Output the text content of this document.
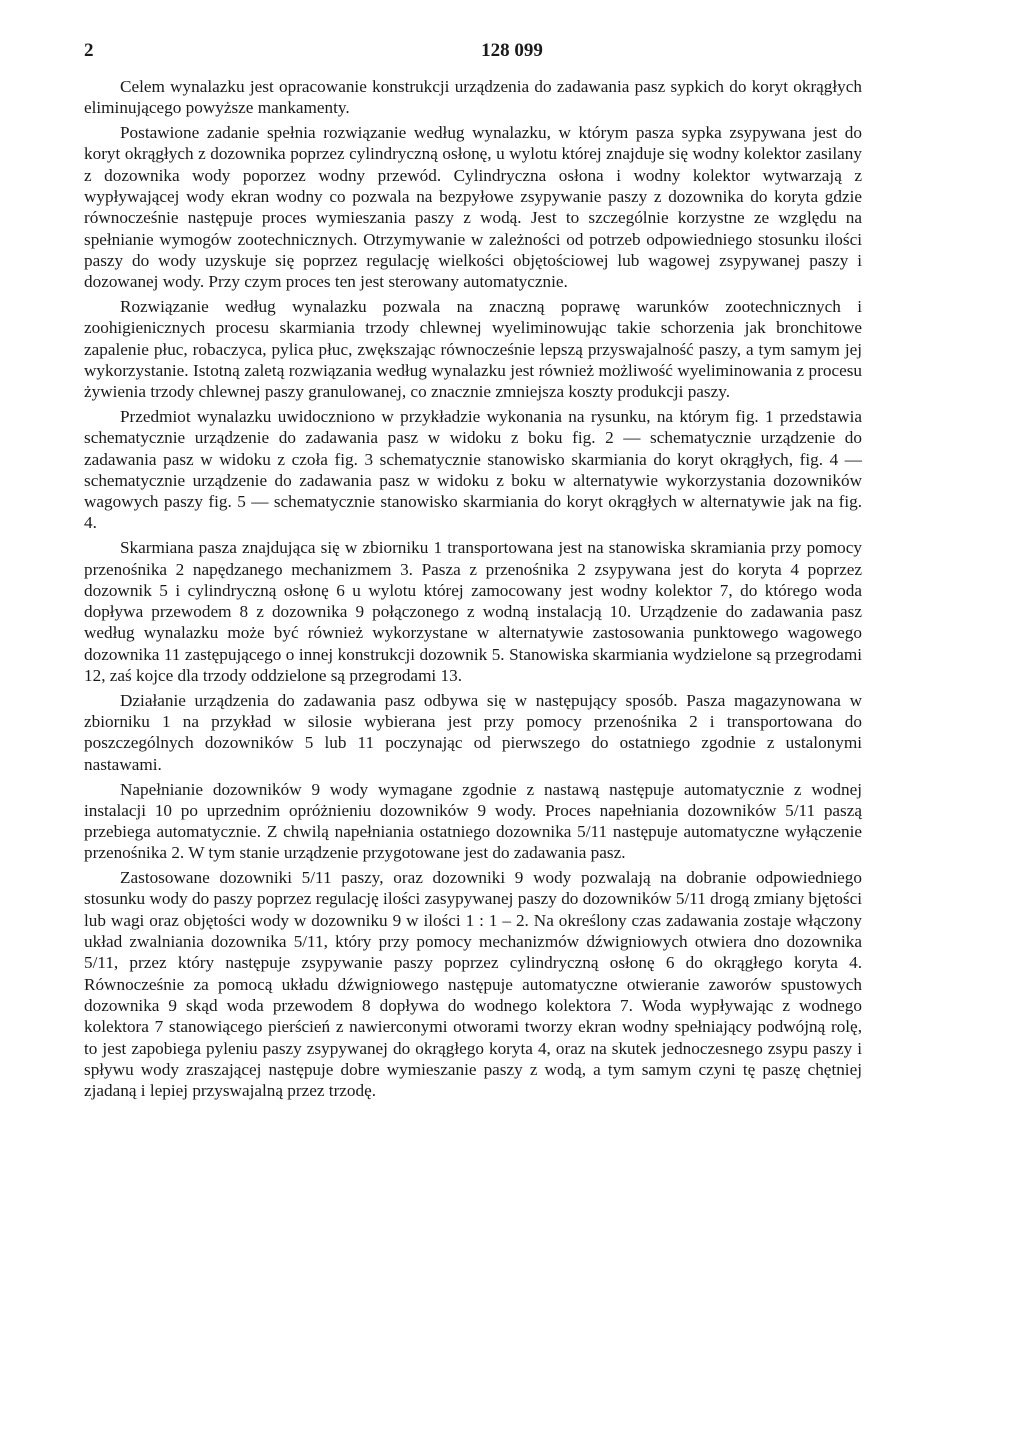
2	128 099

Celem wynalazku jest opracowanie konstrukcji urządzenia do zadawania pasz sypkich do koryt okrągłych eliminującego powyższe mankamenty.

Postawione zadanie spełnia rozwiązanie według wynalazku, w którym pasza sypka zsypywana jest do koryt okrągłych z dozownika poprzez cylindryczną osłonę, u wylotu której znajduje się wodny kolektor zasilany z dozownika wody poporzez wodny przewód. Cylindryczna osłona i wodny kolektor wytwarzają z wypływającej wody ekran wodny co pozwala na bezpyłowe zsypywanie paszy z dozownika do koryta gdzie równocześnie następuje proces wymieszania paszy z wodą. Jest to szczególnie korzystne ze względu na spełnianie wymogów zootechnicznych. Otrzymywanie w zależności od potrzeb odpowiedniego stosunku ilości paszy do wody uzyskuje się poprzez regulację wielkości objętościowej lub wagowej zsypywanej paszy i dozowanej wody. Przy czym proces ten jest sterowany automatycznie.

Rozwiązanie według wynalazku pozwala na znaczną poprawę warunków zootechnicznych i zoohigienicznych procesu skarmiania trzody chlewnej wyeliminowując takie schorzenia jak bronchitowe zapalenie płuc, robaczyca, pylica płuc, zwększając równocześnie lepszą przyswajalność paszy, a tym samym jej wykorzystanie. Istotną zaletą rozwiązania według wynalazku jest również możliwość wyeliminowania z procesu żywienia trzody chlewnej paszy granulowanej, co znacznie zmniejsza koszty produkcji paszy.

Przedmiot wynalazku uwidoczniono w przykładzie wykonania na rysunku, na którym fig. 1 przedstawia schematycznie urządzenie do zadawania pasz w widoku z boku fig. 2 — schematycznie urządzenie do zadawania pasz w widoku z czoła fig. 3 schematycznie stanowisko skarmiania do koryt okrągłych, fig. 4 — schematycznie urządzenie do zadawania pasz w widoku z boku w alternatywie wykorzystania dozowników wagowych paszy fig. 5 — schematycznie stanowisko skarmiania do koryt okrągłych w alternatywie jak na fig. 4.

Skarmiana pasza znajdująca się w zbiorniku 1 transportowana jest na stanowiska skramiania przy pomocy przenośnika 2 napędzanego mechanizmem 3. Pasza z przenośnika 2 zsypywana jest do koryta 4 poprzez dozownik 5 i cylindryczną osłonę 6 u wylotu której zamocowany jest wodny kolektor 7, do którego woda dopływa przewodem 8 z dozownika 9 połączonego z wodną instalacją 10. Urządzenie do zadawania pasz według wynalazku może być również wykorzystane w alternatywie zastosowania punktowego wagowego dozownika 11 zastępującego o innej konstrukcji dozownik 5. Stanowiska skarmiania wydzielone są przegrodami 12, zaś kojce dla trzody oddzielone są przegrodami 13.

Działanie urządzenia do zadawania pasz odbywa się w następujący sposób. Pasza magazynowana w zbiorniku 1 na przykład w silosie wybierana jest przy pomocy przenośnika 2 i transportowana do poszczególnych dozowników 5 lub 11 poczynając od pierwszego do ostatniego zgodnie z ustalonymi nastawami.

Napełnianie dozowników 9 wody wymagane zgodnie z nastawą następuje automatycznie z wodnej instalacji 10 po uprzednim opróżnieniu dozowników 9 wody. Proces napełniania dozowników 5/11 paszą przebiega automatycznie. Z chwilą napełniania ostatniego dozownika 5/11 następuje automatyczne wyłączenie przenośnika 2. W tym stanie urządzenie przygotowane jest do zadawania pasz.

Zastosowane dozowniki 5/11 paszy, oraz dozowniki 9 wody pozwalają na dobranie odpowiedniego stosunku wody do paszy poprzez regulację ilości zasypywanej paszy do dozowników 5/11 drogą zmiany bjętości lub wagi oraz objętości wody w dozowniku 9 w ilości 1 : 1 – 2. Na określony czas zadawania zostaje włączony układ zwalniania dozownika 5/11, który przy pomocy mechanizmów dźwigniowych otwiera dno dozownika 5/11, przez który następuje zsypywanie paszy poprzez cylindryczną osłonę 6 do okrągłego koryta 4. Równocześnie za pomocą układu dźwigniowego następuje automatyczne otwieranie zaworów spustowych dozownika 9 skąd woda przewodem 8 dopływa do wodnego kolektora 7. Woda wypływając z wodnego kolektora 7 stanowiącego pierścień z nawierconymi otworami tworzy ekran wodny spełniający podwójną rolę, to jest zapobiega pyleniu paszy zsypywanej do okrągłego koryta 4, oraz na skutek jednoczesnego zsypu paszy i spływu wody zraszającej następuje dobre wymieszanie paszy z wodą, a tym samym czyni tę paszę chętniej zjadaną i lepiej przyswajalną przez trzodę.
